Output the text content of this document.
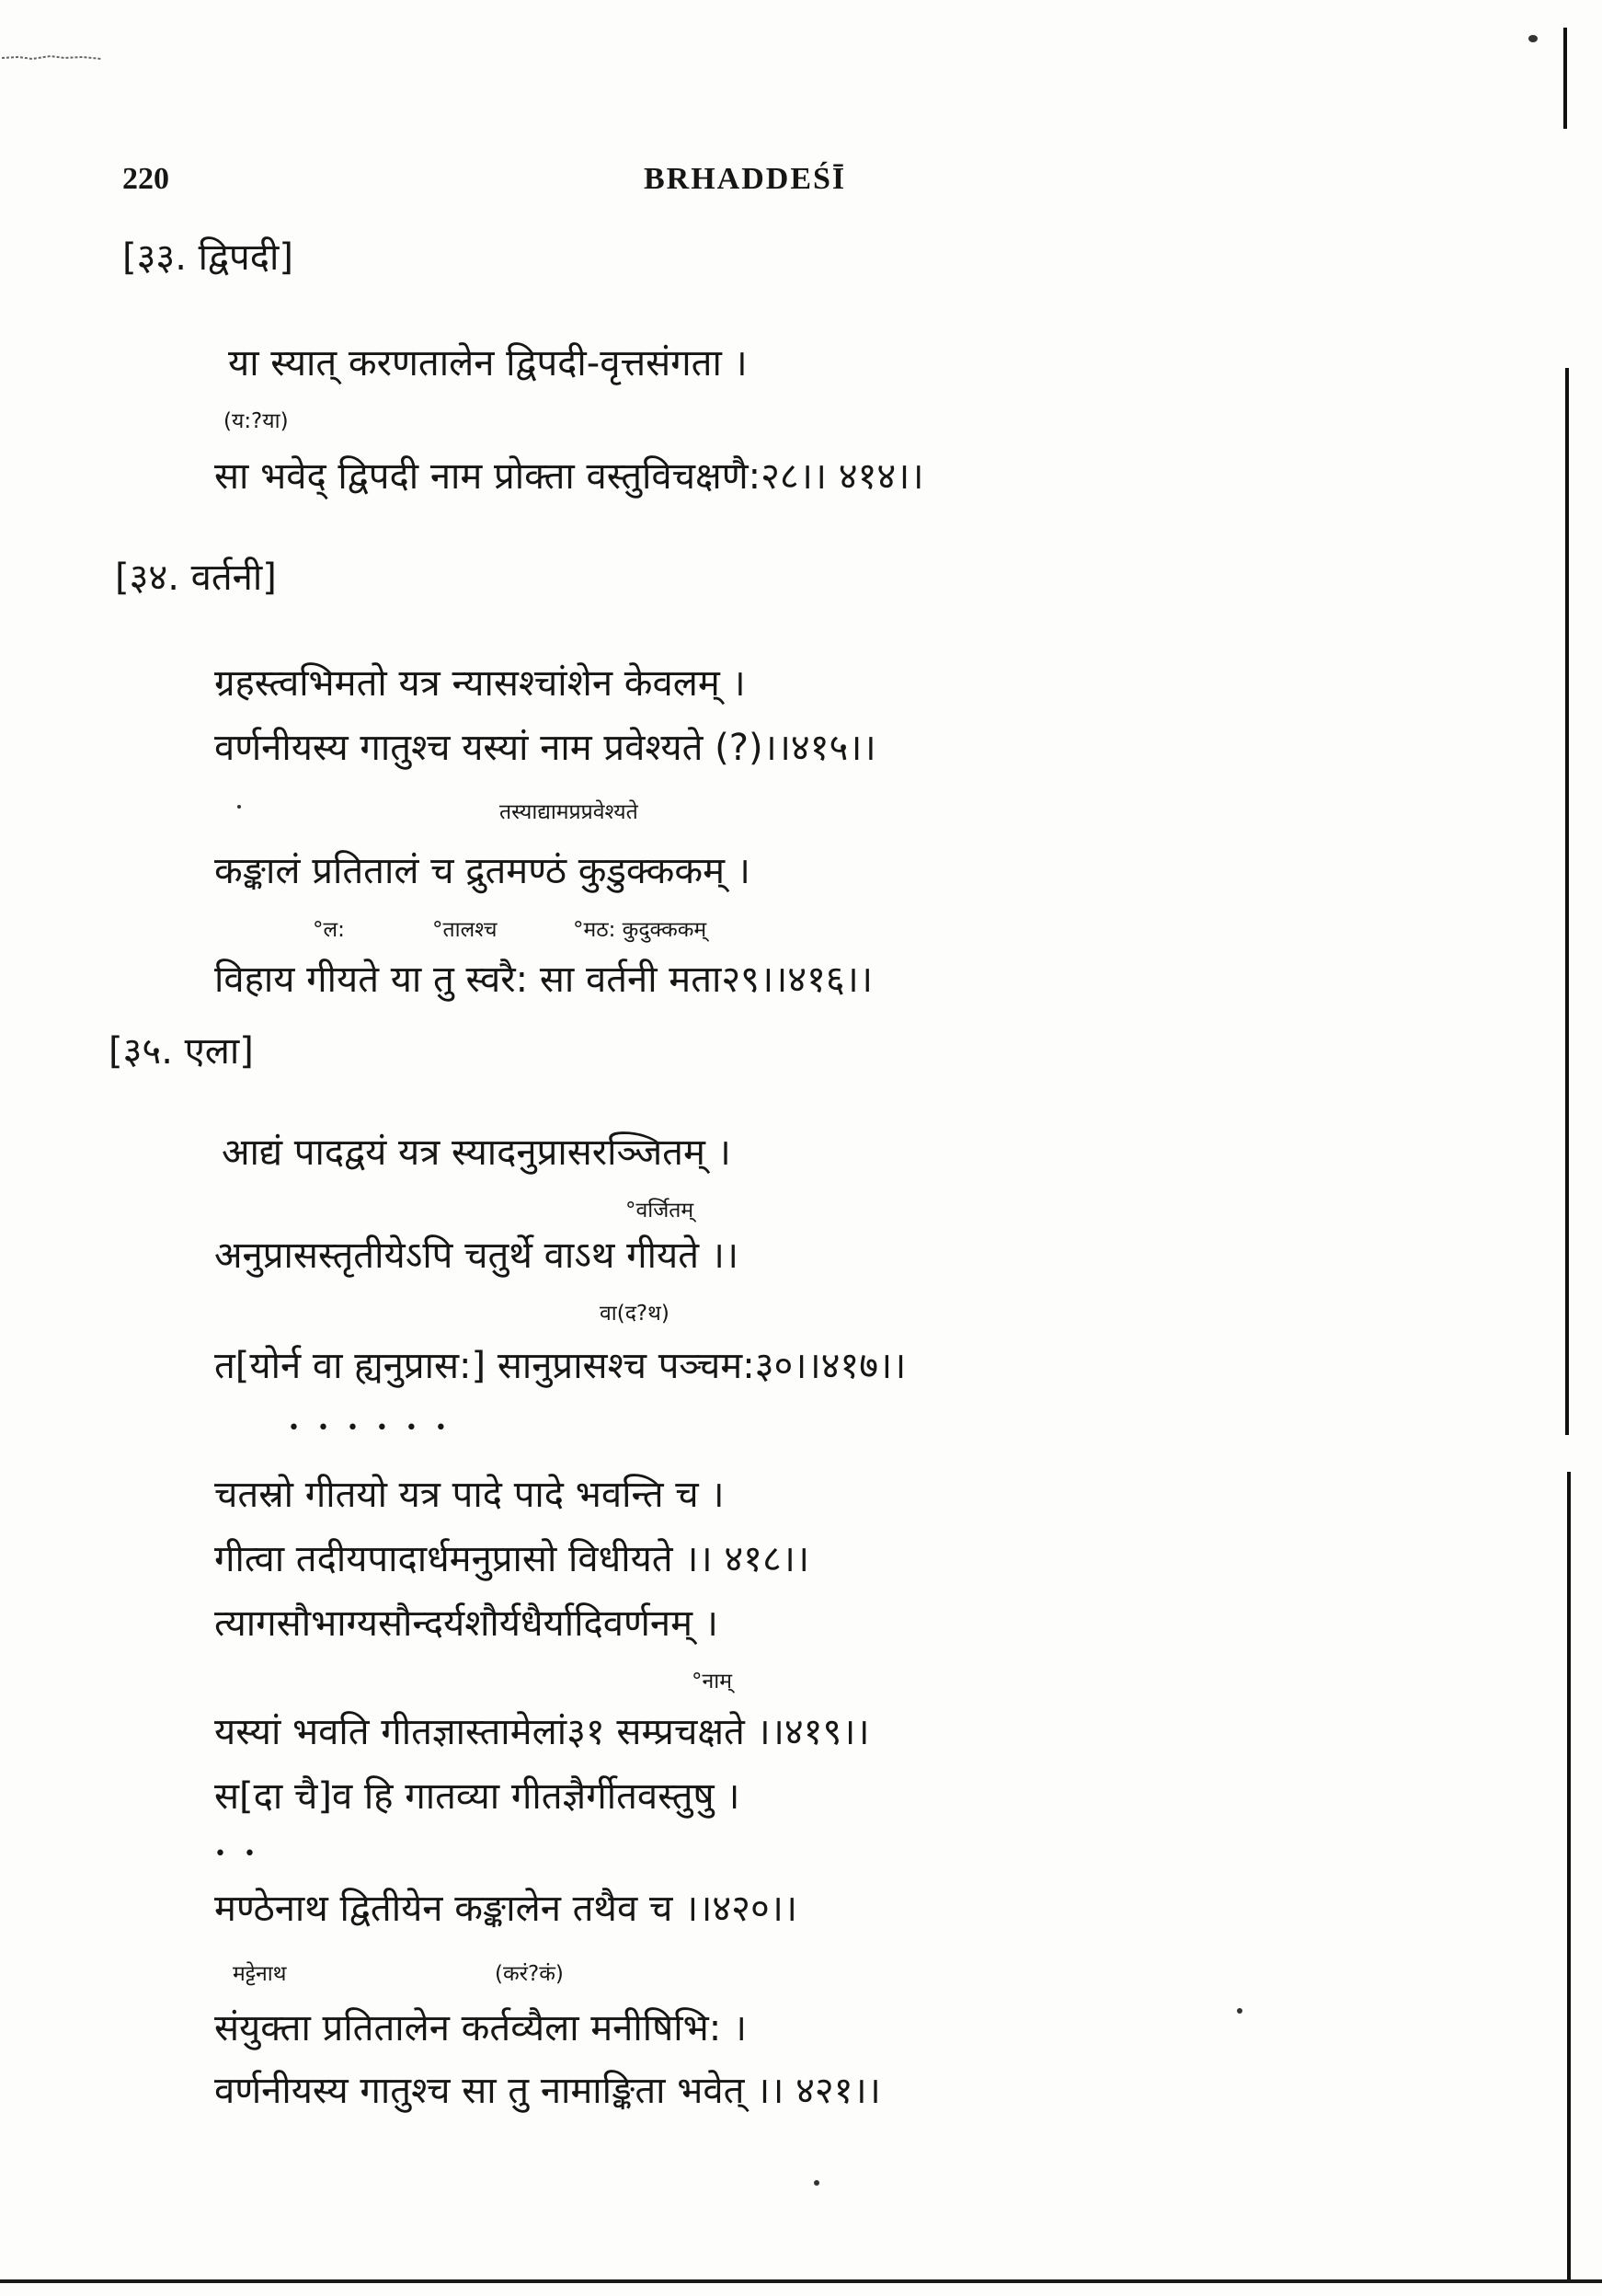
220	BRHADDEŚĪ
[३३. द्विपदी]
या स्यात् करणतालेन द्विपदी-वृत्तसंगता ।
(य:?या)
सा भवेद् द्विपदी नाम प्रोक्ता वस्तुविचक्षणै:२८।। ४१४।।
[३४. वर्तनी]
ग्रहस्त्वभिमतो यत्र न्यासश्चांशेन केवलम् ।
वर्णनीयस्य गातुश्च यस्यां नाम प्रवेश्यते (?)।।४१५।।
तस्याद्यामप्रप्रवेश्यते
कङ्कालं प्रतितालं च द्रुतमण्ठं कुडुक्ककम् ।
°ल:	°तालश्च	°मठ: कुदुक्ककम्
विहाय गीयते या तु स्वरै: सा वर्तनी मता२९।।४१६।।
[३५. एला]
आद्यं पादद्वयं यत्र स्यादनुप्रासरञ्जितम् ।
°वर्जितम्
अनुप्रासस्तृतीयेऽपि चतुर्थे वाऽथ गीयते ।।
वा(द?थ)
त[योर्न वा ह्यनुप्रास:] सानुप्रासश्च पञ्चम:३०।।४१७।।
• • • • • •
चतस्रो गीतयो यत्र पादे पादे भवन्ति च ।
गीत्वा तदीयपादार्धमनुप्रासो विधीयते ।। ४१८।।
त्यागसौभाग्यसौन्दर्यशौर्यधैर्यादिवर्णनम् ।
°नाम्
यस्यां भवति गीतज्ञास्तामेलां३१ सम्प्रचक्षते ।।४१९।।
स[दा चै]व हि गातव्या गीतज्ञैर्गीतवस्तुषु ।
• •
मण्ठेनाथ द्वितीयेन कङ्कालेन तथैव च ।।४२०।।
मट्टेनाथ	(करं?कं)
संयुक्ता प्रतितालेन कर्तव्यैला मनीषिभि: ।
वर्णनीयस्य गातुश्च सा तु नामाङ्किता भवेत् ।। ४२१।।
